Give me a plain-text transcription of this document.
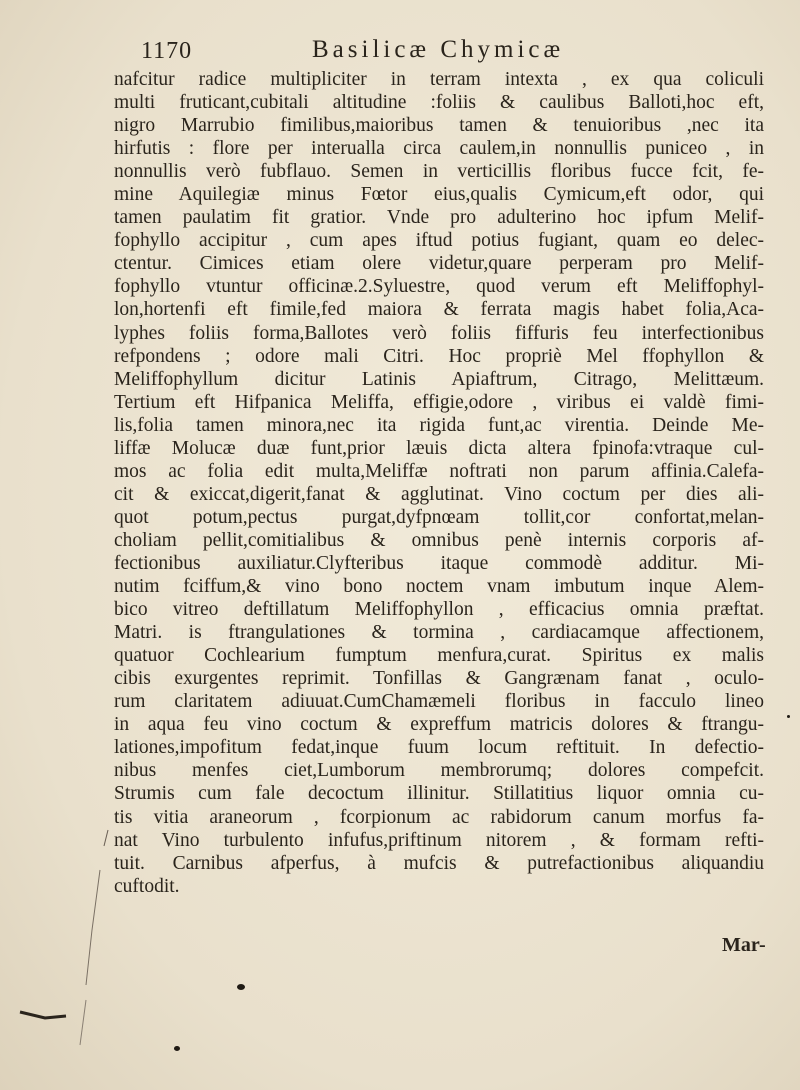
1170	Basilicæ Chymicæ
nafcitur radice multipliciter in terram intexta , ex qua coliculi
multi fruticant,cubitali altitudine :foliis & caulibus Balloti,hoc eft,
nigro Marrubio fimilibus,maioribus tamen & tenuioribus ,nec ita
hirfutis : flore per interualla circa caulem,in nonnullis puniceo , in
nonnullis verò fubflauo. Semen in verticillis floribus fucce fcit, fe-
mine Aquilegiæ minus Fœtor eius,qualis Cymicum,eft odor, qui
tamen paulatim fit gratior. Vnde pro adulterino hoc ipfum Melif-
fophyllo accipitur , cum apes iftud potius fugiant, quam eo delec-
ctentur. Cimices etiam olere videtur,quare perperam pro Melif-
fophyllo vtuntur officinæ.2.Syluestre, quod verum eft Meliffophyl-
lon,hortenfi eft fimile,fed maiora & ferrata magis habet folia,Aca-
lyphes foliis forma,Ballotes verò foliis fiffuris feu interfectionibus
refpondens ; odore mali Citri. Hoc propriè Mel ffophyllon &
Meliffophyllum dicitur Latinis Apiaftrum, Citrago, Melittæum.
Tertium eft Hifpanica Meliffa, effigie,odore , viribus ei valdè fimi-
lis,folia tamen minora,nec ita rigida funt,ac virentia. Deinde Me-
liffæ Molucæ duæ funt,prior læuis dicta altera fpinofa:vtraque cul-
mos ac folia edit multa,Meliffæ noftrati non parum affinia.Calefa-
cit & exiccat,digerit,fanat & agglutinat. Vino coctum per dies ali-
quot potum,pectus purgat,dyfpnœam tollit,cor confortat,melan-
choliam pellit,comitialibus & omnibus penè internis corporis af-
fectionibus auxiliatur.Clyfteribus itaque commodè additur. Mi-
nutim fciffum,& vino bono noctem vnam imbutum inque Alem-
bico vitreo deftillatum Meliffophyllon , efficacius omnia præftat.
Matri. is ftrangulationes & tormina , cardiacamque affectionem,
quatuor Cochlearium fumptum menfura,curat. Spiritus ex malis
cibis exurgentes reprimit. Tonfillas & Gangrænam fanat , oculo-
rum claritatem adiuuat.CumChamæmeli floribus in facculo lineo
in aqua feu vino coctum & expreffum matricis dolores & ftrangu-
lationes,impofitum fedat,inque fuum locum reftituit. In defectio-
nibus menfes ciet,Lumborum membrorumq; dolores compefcit.
Strumis cum fale decoctum illinitur. Stillatitius liquor omnia cu-
tis vitia araneorum , fcorpionum ac rabidorum canum morfus fa-
nat Vino turbulento infufus,priftinum nitorem , & formam refti-
tuit. Carnibus afperfus, à mufcis & putrefactionibus aliquandiu
cuftodit.
Mar-
